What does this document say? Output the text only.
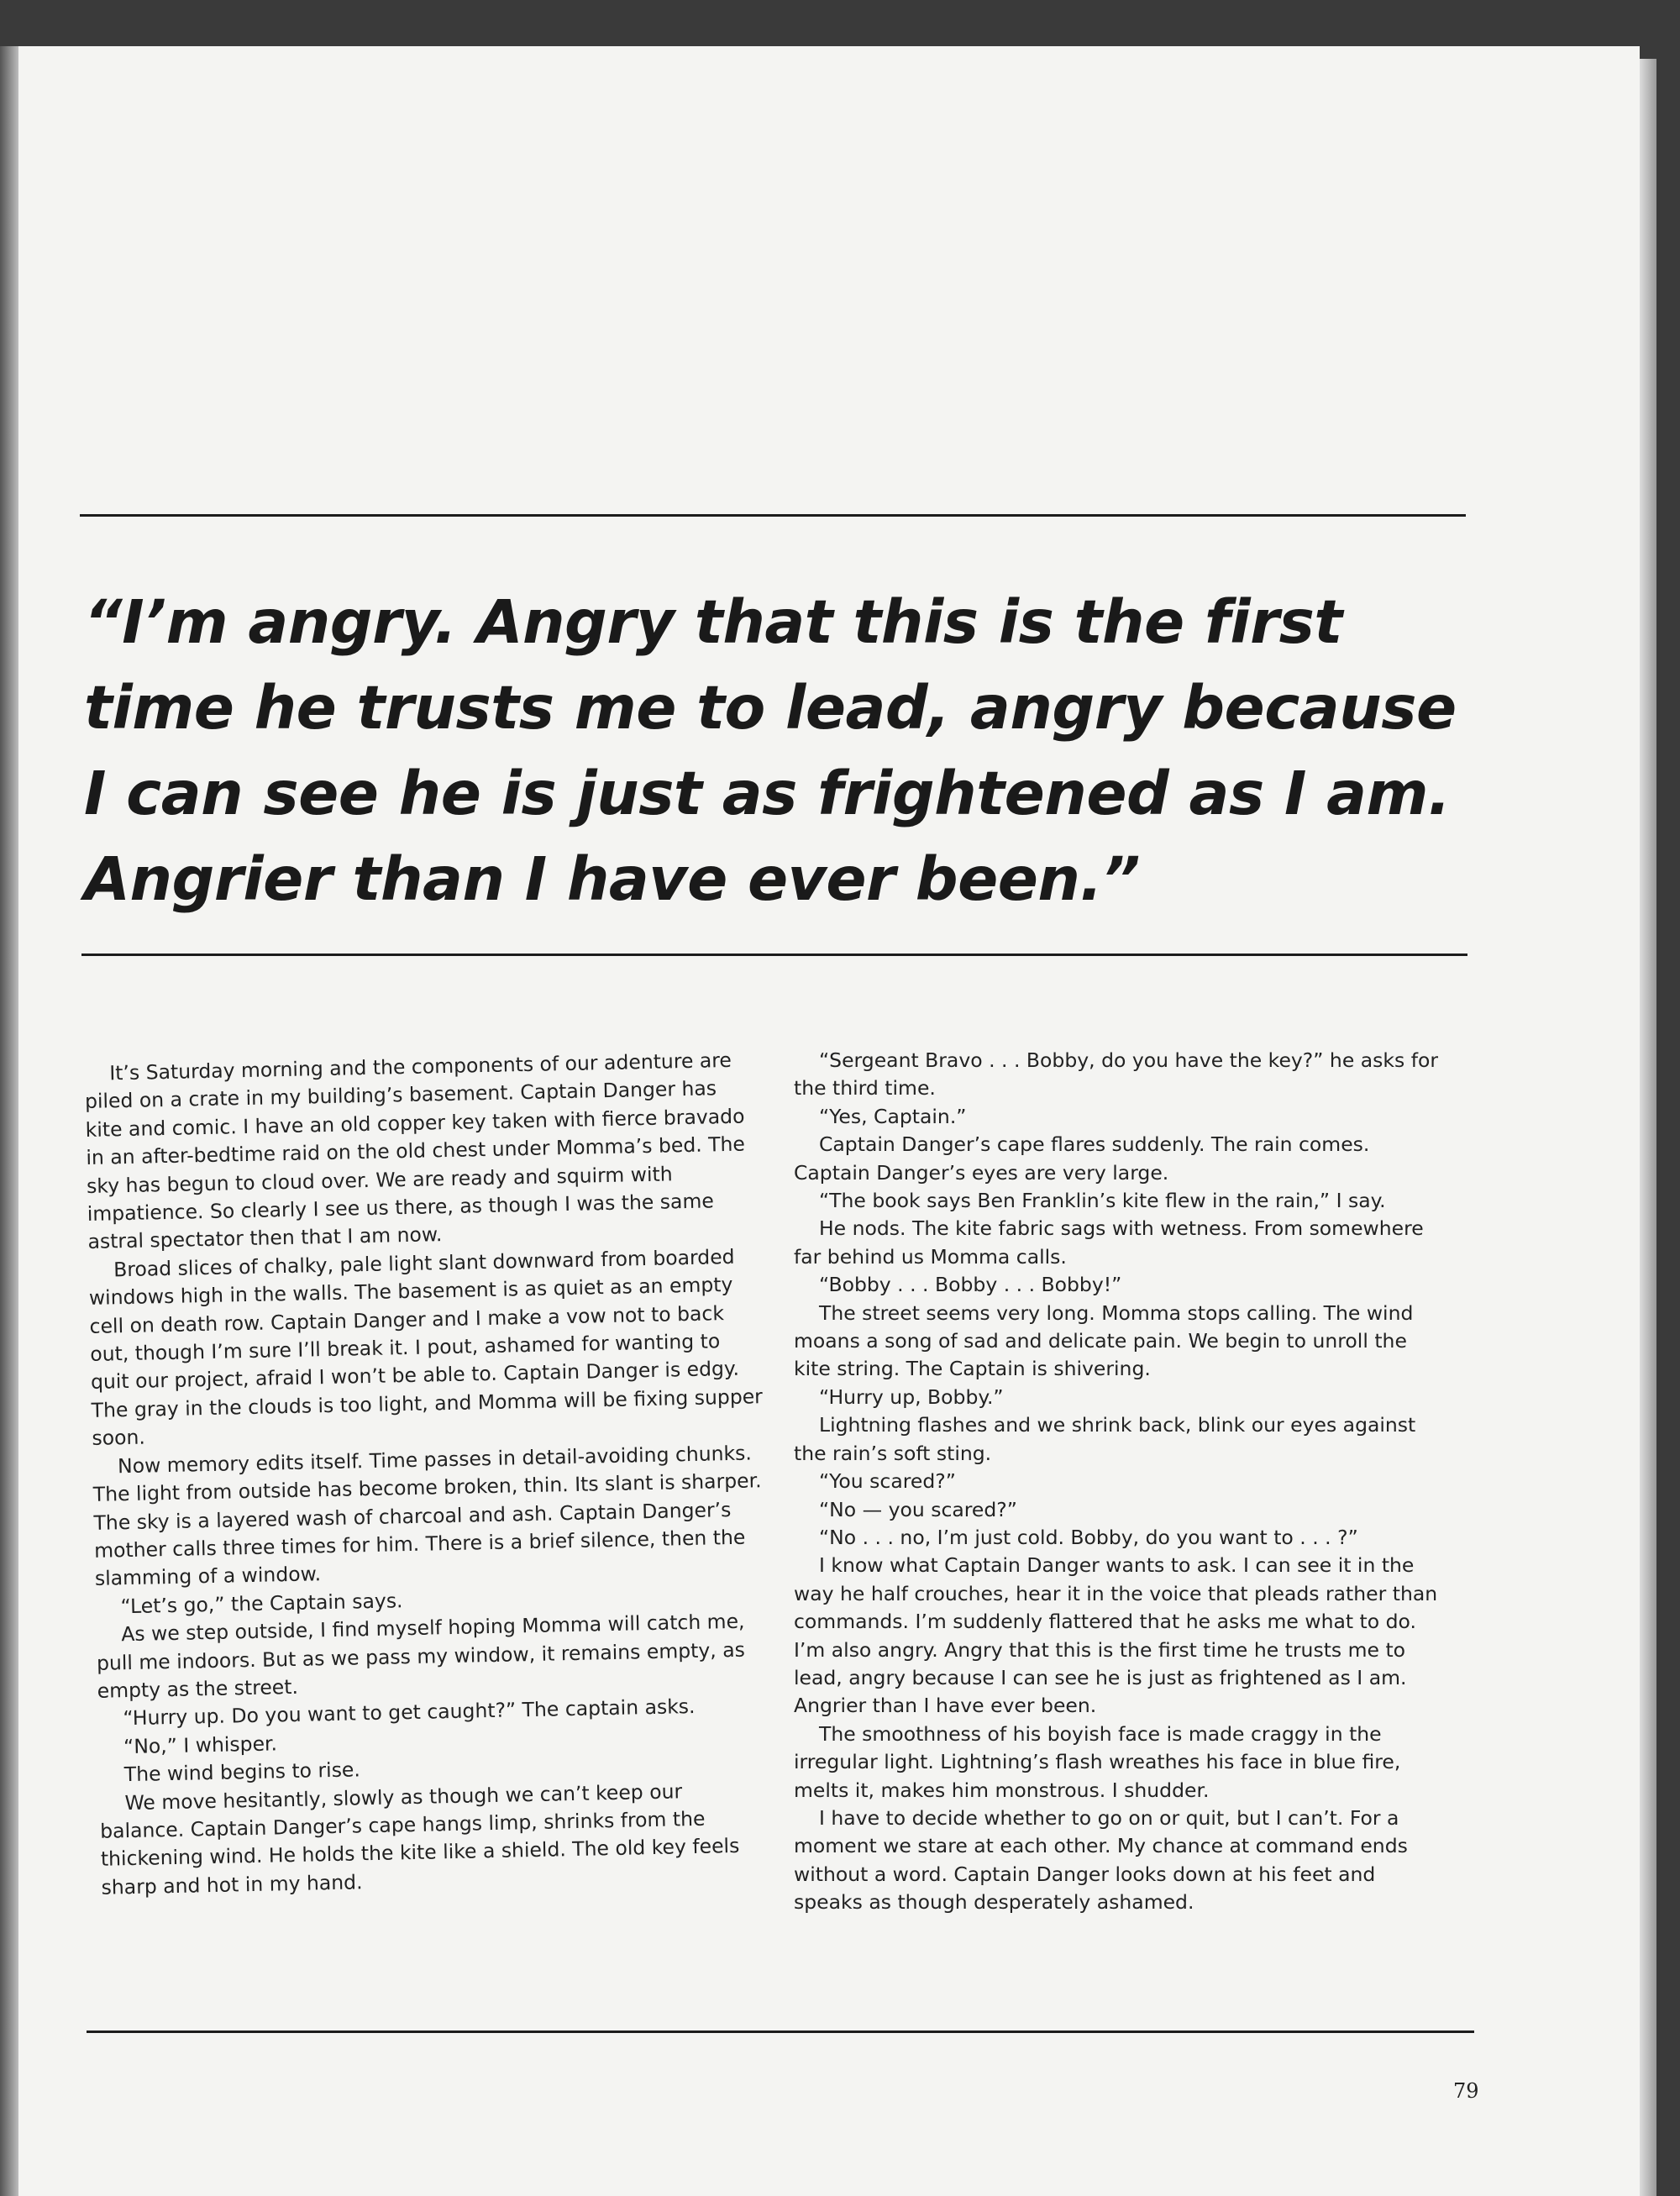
“I’m angry. Angry that this is the first time he trusts me to lead, angry because I can see he is just as frightened as I am. Angrier than I have ever been.”

It’s Saturday morning and the components of our adenture are piled on a crate in my building’s basement. Captain Danger has kite and comic. I have an old copper key taken with fierce bravado in an after-bedtime raid on the old chest under Momma’s bed. The sky has begun to cloud over. We are ready and squirm with impatience. So clearly I see us there, as though I was the same astral spectator then that I am now.

Broad slices of chalky, pale light slant downward from boarded windows high in the walls. The basement is as quiet as an empty cell on death row. Captain Danger and I make a vow not to back out, though I’m sure I’ll break it. I pout, ashamed for wanting to quit our project, afraid I won’t be able to. Captain Danger is edgy. The gray in the clouds is too light, and Momma will be fixing supper soon.

Now memory edits itself. Time passes in detail-avoiding chunks. The light from outside has become broken, thin. Its slant is sharper. The sky is a layered wash of charcoal and ash. Captain Danger’s mother calls three times for him. There is a brief silence, then the slamming of a window.

“Let’s go,” the Captain says.

As we step outside, I find myself hoping Momma will catch me, pull me indoors. But as we pass my window, it remains empty, as empty as the street.

“Hurry up. Do you want to get caught?” The captain asks.

“No,” I whisper.

The wind begins to rise.

We move hesitantly, slowly as though we can’t keep our balance. Captain Danger’s cape hangs limp, shrinks from the thickening wind. He holds the kite like a shield. The old key feels sharp and hot in my hand.

“Sergeant Bravo . . . Bobby, do you have the key?” he asks for the third time.

“Yes, Captain.”

Captain Danger’s cape flares suddenly. The rain comes. Captain Danger’s eyes are very large.

“The book says Ben Franklin’s kite flew in the rain,” I say.

He nods. The kite fabric sags with wetness. From somewhere far behind us Momma calls.

“Bobby . . . Bobby . . . Bobby!”

The street seems very long. Momma stops calling. The wind moans a song of sad and delicate pain. We begin to unroll the kite string. The Captain is shivering.

“Hurry up, Bobby.”

Lightning flashes and we shrink back, blink our eyes against the rain’s soft sting.

“You scared?”

“No — you scared?”

“No . . . no, I’m just cold. Bobby, do you want to . . . ?”

I know what Captain Danger wants to ask. I can see it in the way he half crouches, hear it in the voice that pleads rather than commands. I’m suddenly flattered that he asks me what to do. I’m also angry. Angry that this is the first time he trusts me to lead, angry because I can see he is just as frightened as I am. Angrier than I have ever been.

The smoothness of his boyish face is made craggy in the irregular light. Lightning’s flash wreathes his face in blue fire, melts it, makes him monstrous. I shudder.

I have to decide whether to go on or quit, but I can’t. For a moment we stare at each other. My chance at command ends without a word. Captain Danger looks down at his feet and speaks as though desperately ashamed.

79
